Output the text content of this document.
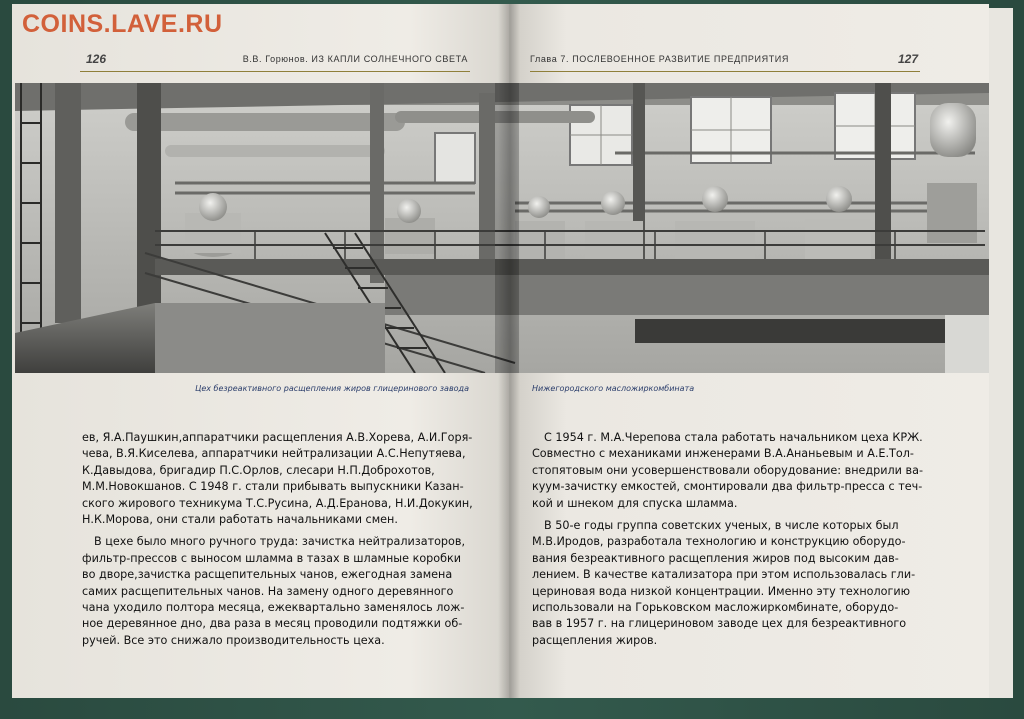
COINS.LAVE.RU
126	В.В. Горюнов. ИЗ КАПЛИ СОЛНЕЧНОГО СВЕТА	Глава 7. ПОСЛЕВОЕННОЕ РАЗВИТИЕ ПРЕДПРИЯТИЯ	127
Цех безреактивного расщепления жиров глицеринового завода	Нижегородского масложиркомбината

ев, Я.А.Паушкин,аппаратчики расщепления А.В.Хорева, А.И.Горя-
чева, В.Я.Киселева, аппаратчики нейтрализации А.С.Непутяева,
К.Давыдова, бригадир П.С.Орлов, слесари Н.П.Доброхотов,
М.М.Новокшанов. С 1948 г. стали прибывать выпускники Казан-
ского жирового техникума Т.С.Русина, А.Д.Еранова, Н.И.Докукин,
Н.К.Морова, они стали работать начальниками смен.

В цехе было много ручного труда: зачистка нейтрализаторов,
фильтр-прессов с выносом шламма в тазах в шламные коробки
во дворе,зачистка расщепительных чанов, ежегодная замена
самих расщепительных чанов. На замену одного деревянного
чана уходило полтора месяца, ежеквартально заменялось лож-
ное деревянное дно, два раза в месяц проводили подтяжки об-
ручей. Все это снижало производительность цеха.

С 1954 г. М.А.Черепова стала работать начальником цеха КРЖ.
Совместно с механиками инженерами В.А.Ананьевым и А.Е.Тол-
стопятовым они усовершенствовали оборудование: внедрили ва-
куум-зачистку емкостей, смонтировали два фильтр-пресса с теч-
кой и шнеком для спуска шламма.

В 50-е годы группа советских ученых, в числе которых был
М.В.Иродов, разработала технологию и конструкцию оборудо-
вания безреактивного расщепления жиров под высоким дав-
лением. В качестве катализатора при этом использовалась гли-
цериновая вода низкой концентрации. Именно эту технологию
использовали на Горьковском масложиркомбинате, оборудо-
вав в 1957 г. на глицериновом заводе цех для безреактивного
расщепления жиров.
